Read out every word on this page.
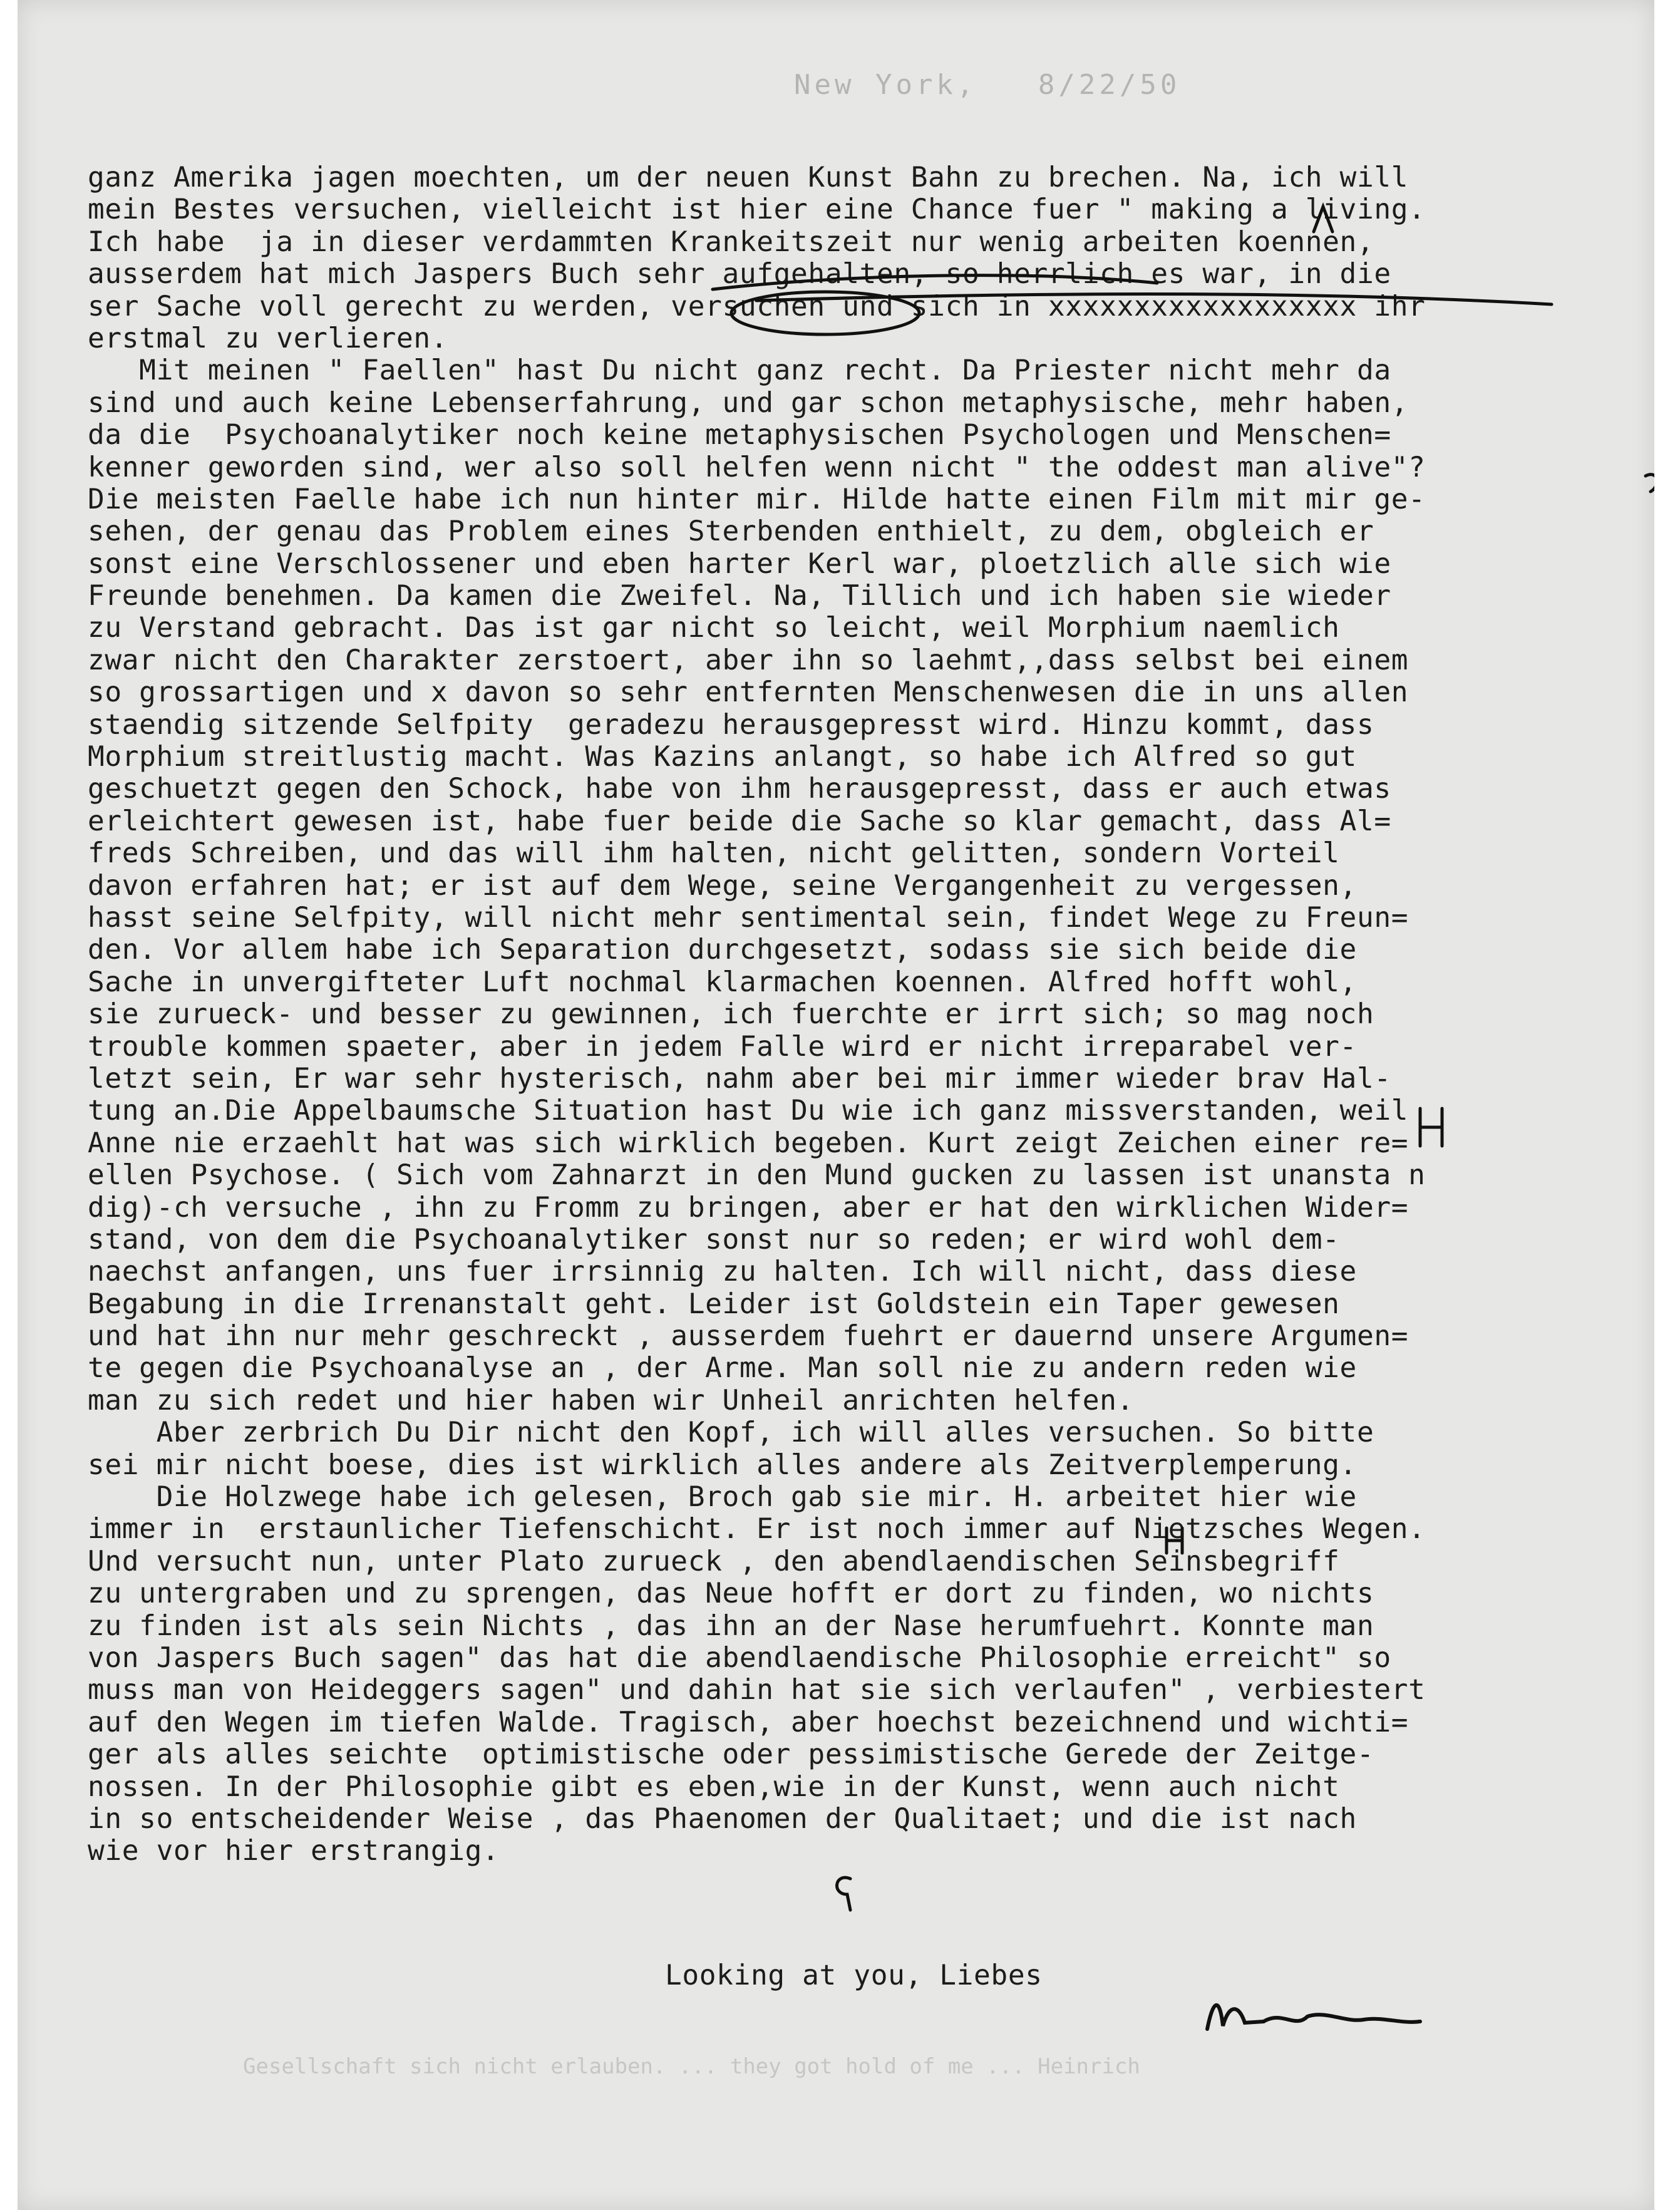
New York,   8/22/50
ganz Amerika jagen moechten, um der neuen Kunst Bahn zu brechen. Na, ich will
mein Bestes versuchen, vielleicht ist hier eine Chance fuer " making a living.
Ich habe  ja in dieser verdammten Krankeitszeit nur wenig arbeiten koennen,
ausserdem hat mich Jaspers Buch sehr aufgehalten, so herrlich es war, in die
ser Sache voll gerecht zu werden, versuchen und sich in xxxxxxxxxxxxxxxxxx ihr
erstmal zu verlieren.
Mit meinen " Faellen" hast Du nicht ganz recht. Da Priester nicht mehr da
sind und auch keine Lebenserfahrung, und gar schon metaphysische, mehr haben,
da die  Psychoanalytiker noch keine metaphysischen Psychologen und Menschen=
kenner geworden sind, wer also soll helfen wenn nicht " the oddest man alive"?
Die meisten Faelle habe ich nun hinter mir. Hilde hatte einen Film mit mir ge-
sehen, der genau das Problem eines Sterbenden enthielt, zu dem, obgleich er
sonst eine Verschlossener und eben harter Kerl war, ploetzlich alle sich wie
Freunde benehmen. Da kamen die Zweifel. Na, Tillich und ich haben sie wieder
zu Verstand gebracht. Das ist gar nicht so leicht, weil Morphium naemlich
zwar nicht den Charakter zerstoert, aber ihn so laehmt,,dass selbst bei einem
so grossartigen und x davon so sehr entfernten Menschenwesen die in uns allen
staendig sitzende Selfpity  geradezu herausgepresst wird. Hinzu kommt, dass
Morphium streitlustig macht. Was Kazins anlangt, so habe ich Alfred so gut
geschuetzt gegen den Schock, habe von ihm herausgepresst, dass er auch etwas
erleichtert gewesen ist, habe fuer beide die Sache so klar gemacht, dass Al=
freds Schreiben, und das will ihm halten, nicht gelitten, sondern Vorteil
davon erfahren hat; er ist auf dem Wege, seine Vergangenheit zu vergessen,
hasst seine Selfpity, will nicht mehr sentimental sein, findet Wege zu Freun=
den. Vor allem habe ich Separation durchgesetzt, sodass sie sich beide die
Sache in unvergifteter Luft nochmal klarmachen koennen. Alfred hofft wohl,
sie zurueck- und besser zu gewinnen, ich fuerchte er irrt sich; so mag noch
trouble kommen spaeter, aber in jedem Falle wird er nicht irreparabel ver-
letzt sein, Er war sehr hysterisch, nahm aber bei mir immer wieder brav Hal-
tung an.Die Appelbaumsche Situation hast Du wie ich ganz missverstanden, weil
Anne nie erzaehlt hat was sich wirklich begeben. Kurt zeigt Zeichen einer re=
ellen Psychose. ( Sich vom Zahnarzt in den Mund gucken zu lassen ist unansta n
dig)-ch versuche , ihn zu Fromm zu bringen, aber er hat den wirklichen Wider=
stand, von dem die Psychoanalytiker sonst nur so reden; er wird wohl dem-
naechst anfangen, uns fuer irrsinnig zu halten. Ich will nicht, dass diese
Begabung in die Irrenanstalt geht. Leider ist Goldstein ein Taper gewesen
und hat ihn nur mehr geschreckt , ausserdem fuehrt er dauernd unsere Argumen=
te gegen die Psychoanalyse an , der Arme. Man soll nie zu andern reden wie
man zu sich redet und hier haben wir Unheil anrichten helfen.
Aber zerbrich Du Dir nicht den Kopf, ich will alles versuchen. So bitte
sei mir nicht boese, dies ist wirklich alles andere als Zeitverplemperung.
Die Holzwege habe ich gelesen, Broch gab sie mir. H. arbeitet hier wie
immer in  erstaunlicher Tiefenschicht. Er ist noch immer auf Nietzsches Wegen.
Und versucht nun, unter Plato zurueck , den abendlaendischen Seinsbegriff
zu untergraben und zu sprengen, das Neue hofft er dort zu finden, wo nichts
zu finden ist als sein Nichts , das ihn an der Nase herumfuehrt. Konnte man
von Jaspers Buch sagen" das hat die abendlaendische Philosophie erreicht" so
muss man von Heideggers sagen" und dahin hat sie sich verlaufen" , verbiestert
auf den Wegen im tiefen Walde. Tragisch, aber hoechst bezeichnend und wichti=
ger als alles seichte  optimistische oder pessimistische Gerede der Zeitge-
nossen. In der Philosophie gibt es eben,wie in der Kunst, wenn auch nicht
in so entscheidender Weise , das Phaenomen der Qualitaet; und die ist nach
wie vor hier erstrangig.
Looking at you, Liebes
Gesellschaft sich nicht erlauben. ... they got hold of me ... Heinrich
